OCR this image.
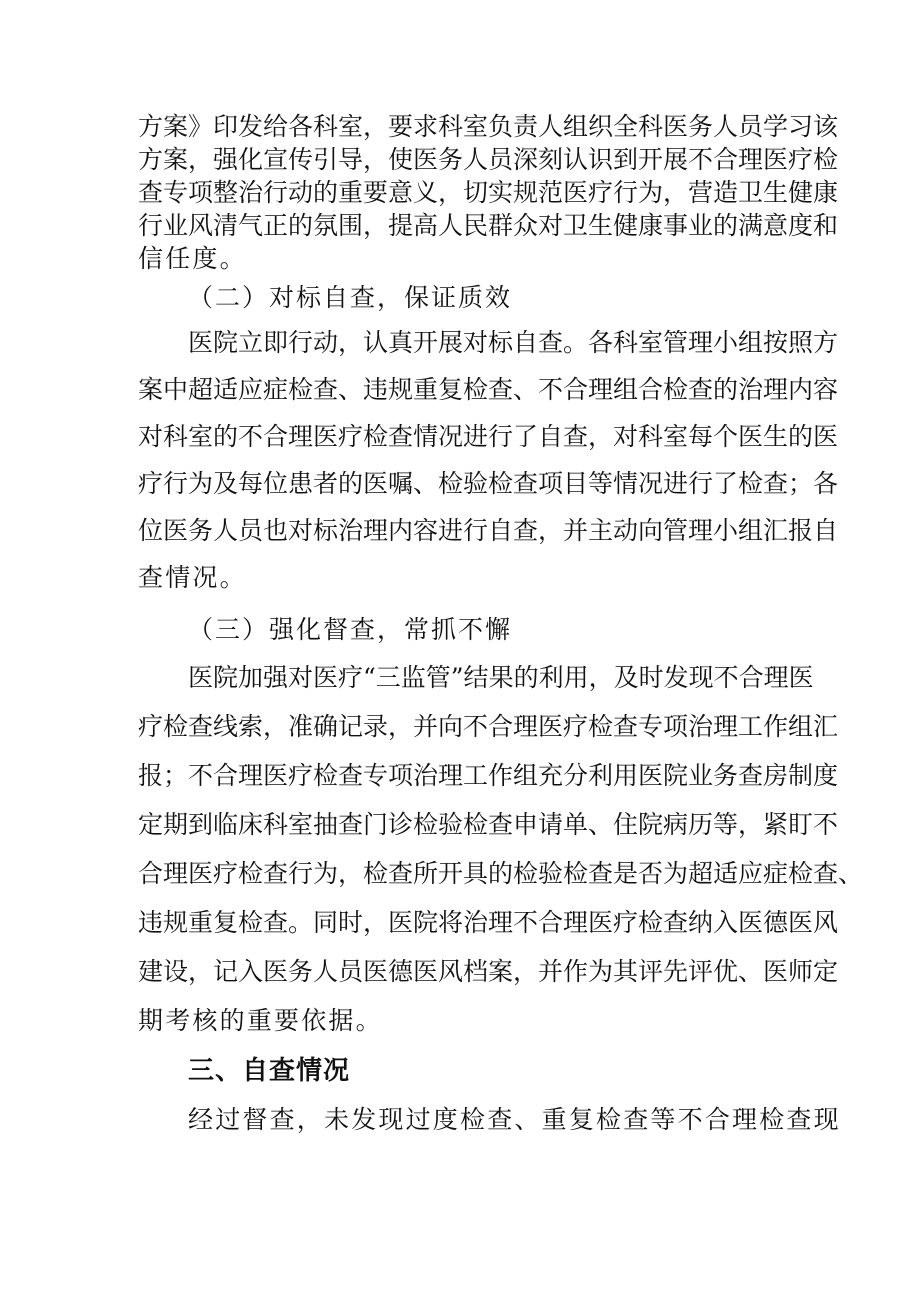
方案》印发给各科室，要求科室负责人组织全科医务人员学习该
方案，强化宣传引导，使医务人员深刻认识到开展不合理医疗检
查专项整治行动的重要意义，切实规范医疗行为，营造卫生健康
行业风清气正的氛围，提高人民群众对卫生健康事业的满意度和
信任度。
（二）对标自查，保证质效
医院立即行动，认真开展对标自查。各科室管理小组按照方
案中超适应症检查、违规重复检查、不合理组合检查的治理内容
对科室的不合理医疗检查情况进行了自查，对科室每个医生的医
疗行为及每位患者的医嘱、检验检查项目等情况进行了检查；各
位医务人员也对标治理内容进行自查，并主动向管理小组汇报自
查情况。
（三）强化督查，常抓不懈
医院加强对医疗“三监管”结果的利用，及时发现不合理医
疗检查线索，准确记录，并向不合理医疗检查专项治理工作组汇
报；不合理医疗检查专项治理工作组充分利用医院业务查房制度
定期到临床科室抽查门诊检验检查申请单、住院病历等，紧盯不
合理医疗检查行为，检查所开具的检验检查是否为超适应症检查、
违规重复检查。同时，医院将治理不合理医疗检查纳入医德医风
建设，记入医务人员医德医风档案，并作为其评先评优、医师定
期考核的重要依据。
三、自查情况
经过督查，未发现过度检查、重复检查等不合理检查现
